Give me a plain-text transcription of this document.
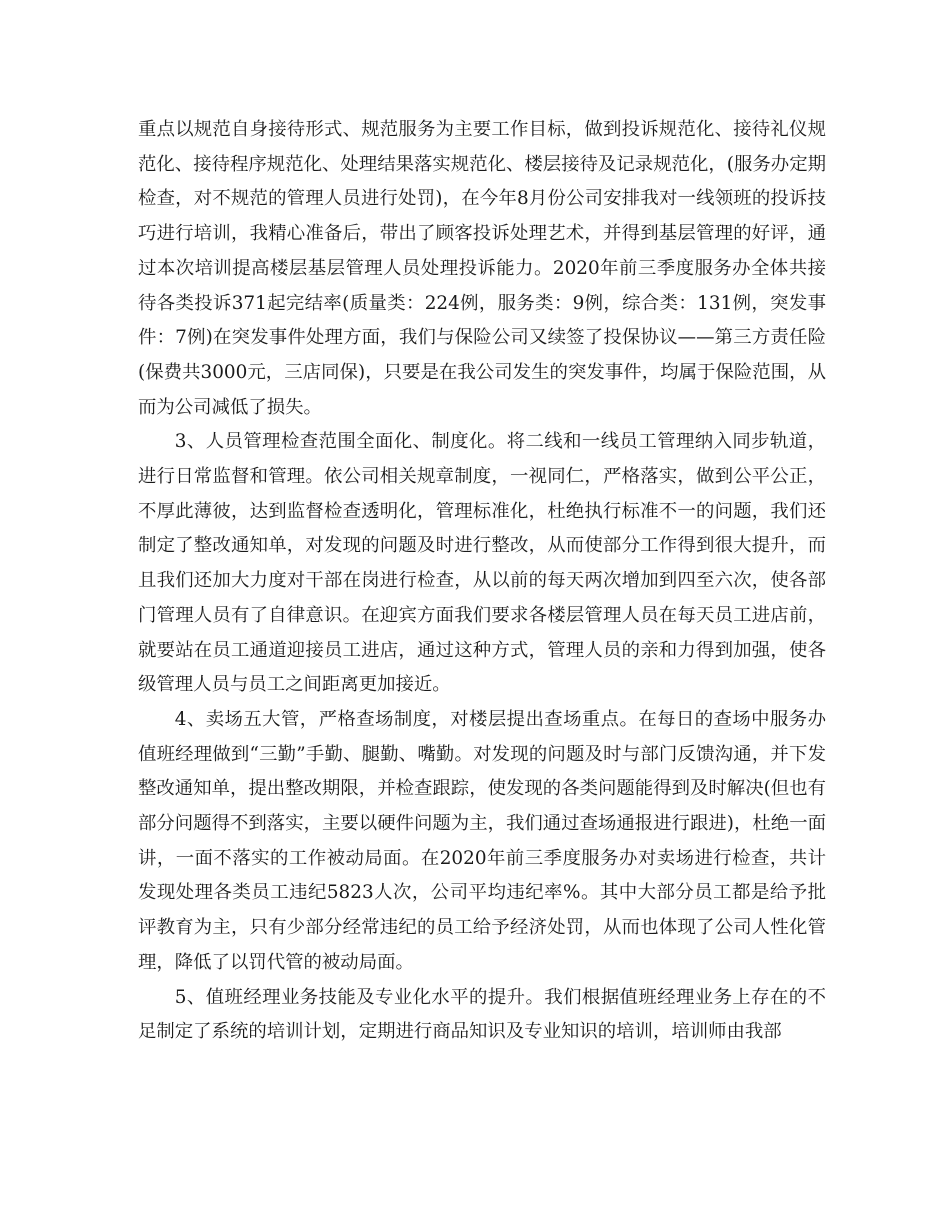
重点以规范自身接待形式、规范服务为主要工作目标，做到投诉规范化、接待礼仪规范化、接待程序规范化、处理结果落实规范化、楼层接待及记录规范化，(服务办定期检查，对不规范的管理人员进行处罚)，在今年8月份公司安排我对一线领班的投诉技巧进行培训，我精心准备后，带出了顾客投诉处理艺术，并得到基层管理的好评，通过本次培训提高楼层基层管理人员处理投诉能力。2020年前三季度服务办全体共接待各类投诉371起完结率(质量类：224例，服务类：9例，综合类：131例，突发事件：7例)在突发事件处理方面，我们与保险公司又续签了投保协议——第三方责任险(保费共3000元，三店同保)，只要是在我公司发生的突发事件，均属于保险范围，从而为公司减低了损失。

3、人员管理检查范围全面化、制度化。将二线和一线员工管理纳入同步轨道，进行日常监督和管理。依公司相关规章制度，一视同仁，严格落实，做到公平公正，不厚此薄彼，达到监督检查透明化，管理标准化，杜绝执行标准不一的问题，我们还制定了整改通知单，对发现的问题及时进行整改，从而使部分工作得到很大提升，而且我们还加大力度对干部在岗进行检查，从以前的每天两次增加到四至六次，使各部门管理人员有了自律意识。在迎宾方面我们要求各楼层管理人员在每天员工进店前，就要站在员工通道迎接员工进店，通过这种方式，管理人员的亲和力得到加强，使各级管理人员与员工之间距离更加接近。

4、卖场五大管，严格查场制度，对楼层提出查场重点。在每日的查场中服务办值班经理做到“三勤”手勤、腿勤、嘴勤。对发现的问题及时与部门反馈沟通，并下发整改通知单，提出整改期限，并检查跟踪，使发现的各类问题能得到及时解决(但也有部分问题得不到落实，主要以硬件问题为主，我们通过查场通报进行跟进)，杜绝一面讲，一面不落实的工作被动局面。在2020年前三季度服务办对卖场进行检查，共计发现处理各类员工违纪5823人次，公司平均违纪率%。其中大部分员工都是给予批评教育为主，只有少部分经常违纪的员工给予经济处罚，从而也体现了公司人性化管理，降低了以罚代管的被动局面。

5、值班经理业务技能及专业化水平的提升。我们根据值班经理业务上存在的不足制定了系统的培训计划，定期进行商品知识及专业知识的培训，培训师由我部
